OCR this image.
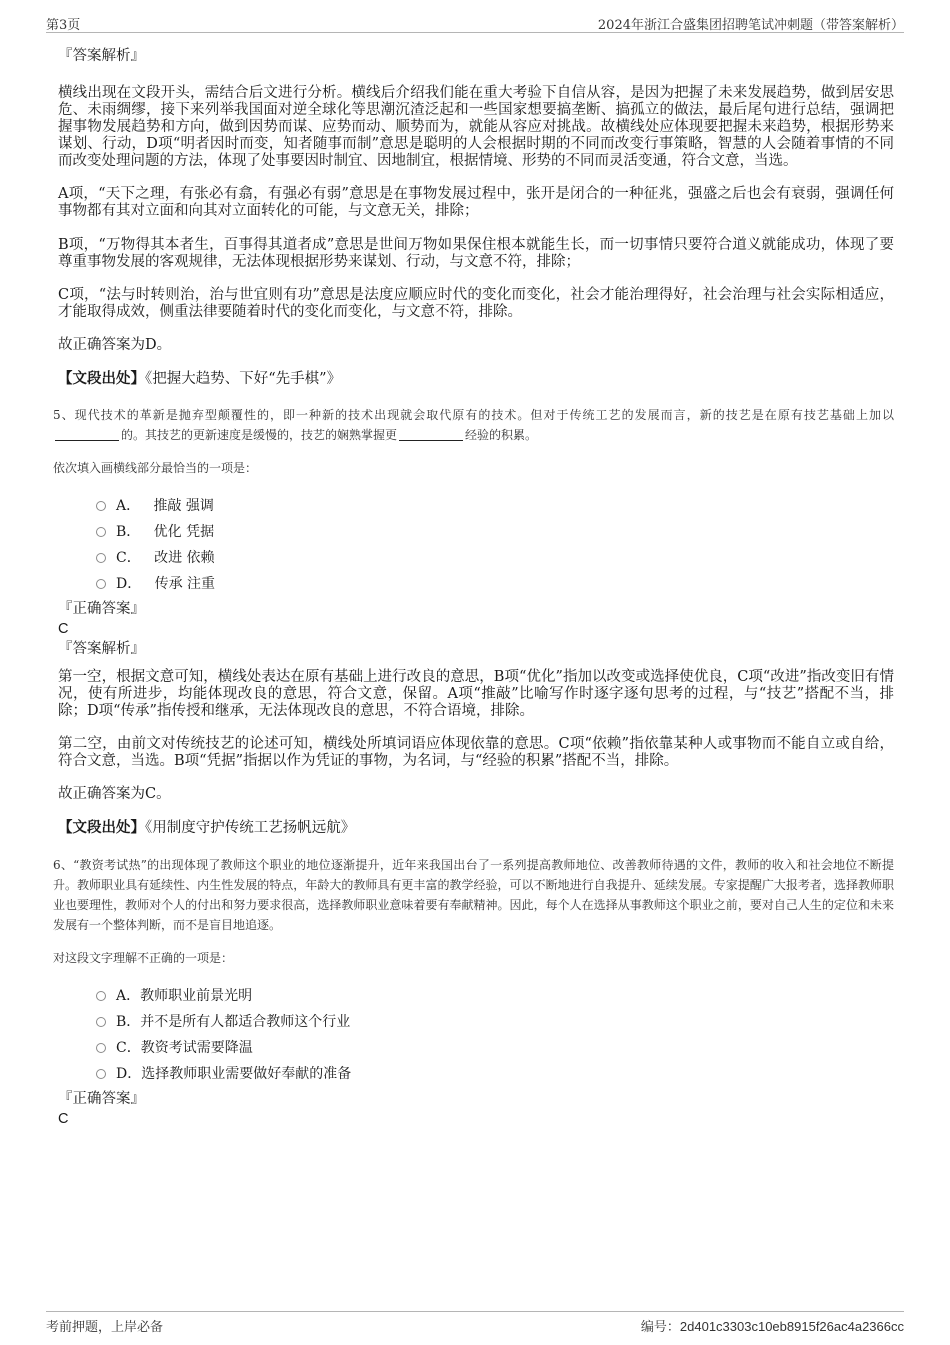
第3页	2024年浙江合盛集团招聘笔试冲刺题（带答案解析）

『答案解析』

横线出现在文段开头，需结合后文进行分析。横线后介绍我们能在重大考验下自信从容，是因为把握了未来发展趋势，做到居安思危、未雨绸缪，接下来列举我国面对逆全球化等思潮沉渣泛起和一些国家想要搞垄断、搞孤立的做法，最后尾句进行总结，强调把握事物发展趋势和方向，做到因势而谋、应势而动、顺势而为，就能从容应对挑战。故横线处应体现要把握未来趋势，根据形势来谋划、行动，D项“明者因时而变，知者随事而制”意思是聪明的人会根据时期的不同而改变行事策略，智慧的人会随着事情的不同而改变处理问题的方法，体现了处事要因时制宜、因地制宜，根据情境、形势的不同而灵活变通，符合文意，当选。

A项，“天下之理，有张必有翕，有强必有弱”意思是在事物发展过程中，张开是闭合的一种征兆，强盛之后也会有衰弱，强调任何事物都有其对立面和向其对立面转化的可能，与文意无关，排除；

B项，“万物得其本者生，百事得其道者成”意思是世间万物如果保住根本就能生长，而一切事情只要符合道义就能成功，体现了要尊重事物发展的客观规律，无法体现根据形势来谋划、行动，与文意不符，排除；

C项，“法与时转则治，治与世宜则有功”意思是法度应顺应时代的变化而变化，社会才能治理得好，社会治理与社会实际相适应，才能取得成效，侧重法律要随着时代的变化而变化，与文意不符，排除。

故正确答案为D。

【文段出处】《把握大趋势、下好“先手棋”》

5、现代技术的革新是抛弃型颠覆性的，即一种新的技术出现就会取代原有的技术。但对于传统工艺的发展而言，新的技艺是在原有技艺基础上加以的。其技艺的更新速度是缓慢的，技艺的娴熟掌握更	经验的积累。

依次填入画横线部分最恰当的一项是：

A． 推敲 强调
B． 优化 凭据
C． 改进 依赖
D． 传承 注重

『正确答案』

C

『答案解析』

第一空，根据文意可知，横线处表达在原有基础上进行改良的意思，B项“优化”指加以改变或选择使优良，C项“改进”指改变旧有情况，使有所进步，均能体现改良的意思，符合文意，保留。A项“推敲”比喻写作时逐字逐句思考的过程，与“技艺”搭配不当，排除；D项“传承”指传授和继承，无法体现改良的意思，不符合语境，排除。

第二空，由前文对传统技艺的论述可知，横线处所填词语应体现依靠的意思。C项“依赖”指依靠某种人或事物而不能自立或自给，符合文意，当选。B项“凭据”指据以作为凭证的事物，为名词，与“经验的积累”搭配不当，排除。

故正确答案为C。

【文段出处】《用制度守护传统工艺扬帆远航》

6、“教资考试热”的出现体现了教师这个职业的地位逐渐提升，近年来我国出台了一系列提高教师地位、改善教师待遇的文件，教师的收入和社会地位不断提升。教师职业具有延续性、内生性发展的特点，年龄大的教师具有更丰富的教学经验，可以不断地进行自我提升、延续发展。专家提醒广大报考者，选择教师职业也要理性，教师对个人的付出和努力要求很高，选择教师职业意味着要有奉献精神。因此，每个人在选择从事教师这个职业之前，要对自己人生的定位和未来发展有一个整体判断，而不是盲目地追逐。

对这段文字理解不正确的一项是：

A．教师职业前景光明
B．并不是所有人都适合教师这个行业
C．教资考试需要降温
D．选择教师职业需要做好奉献的准备

『正确答案』

C

考前押题，上岸必备	编号：2d401c3303c10eb8915f26ac4a2366cc
